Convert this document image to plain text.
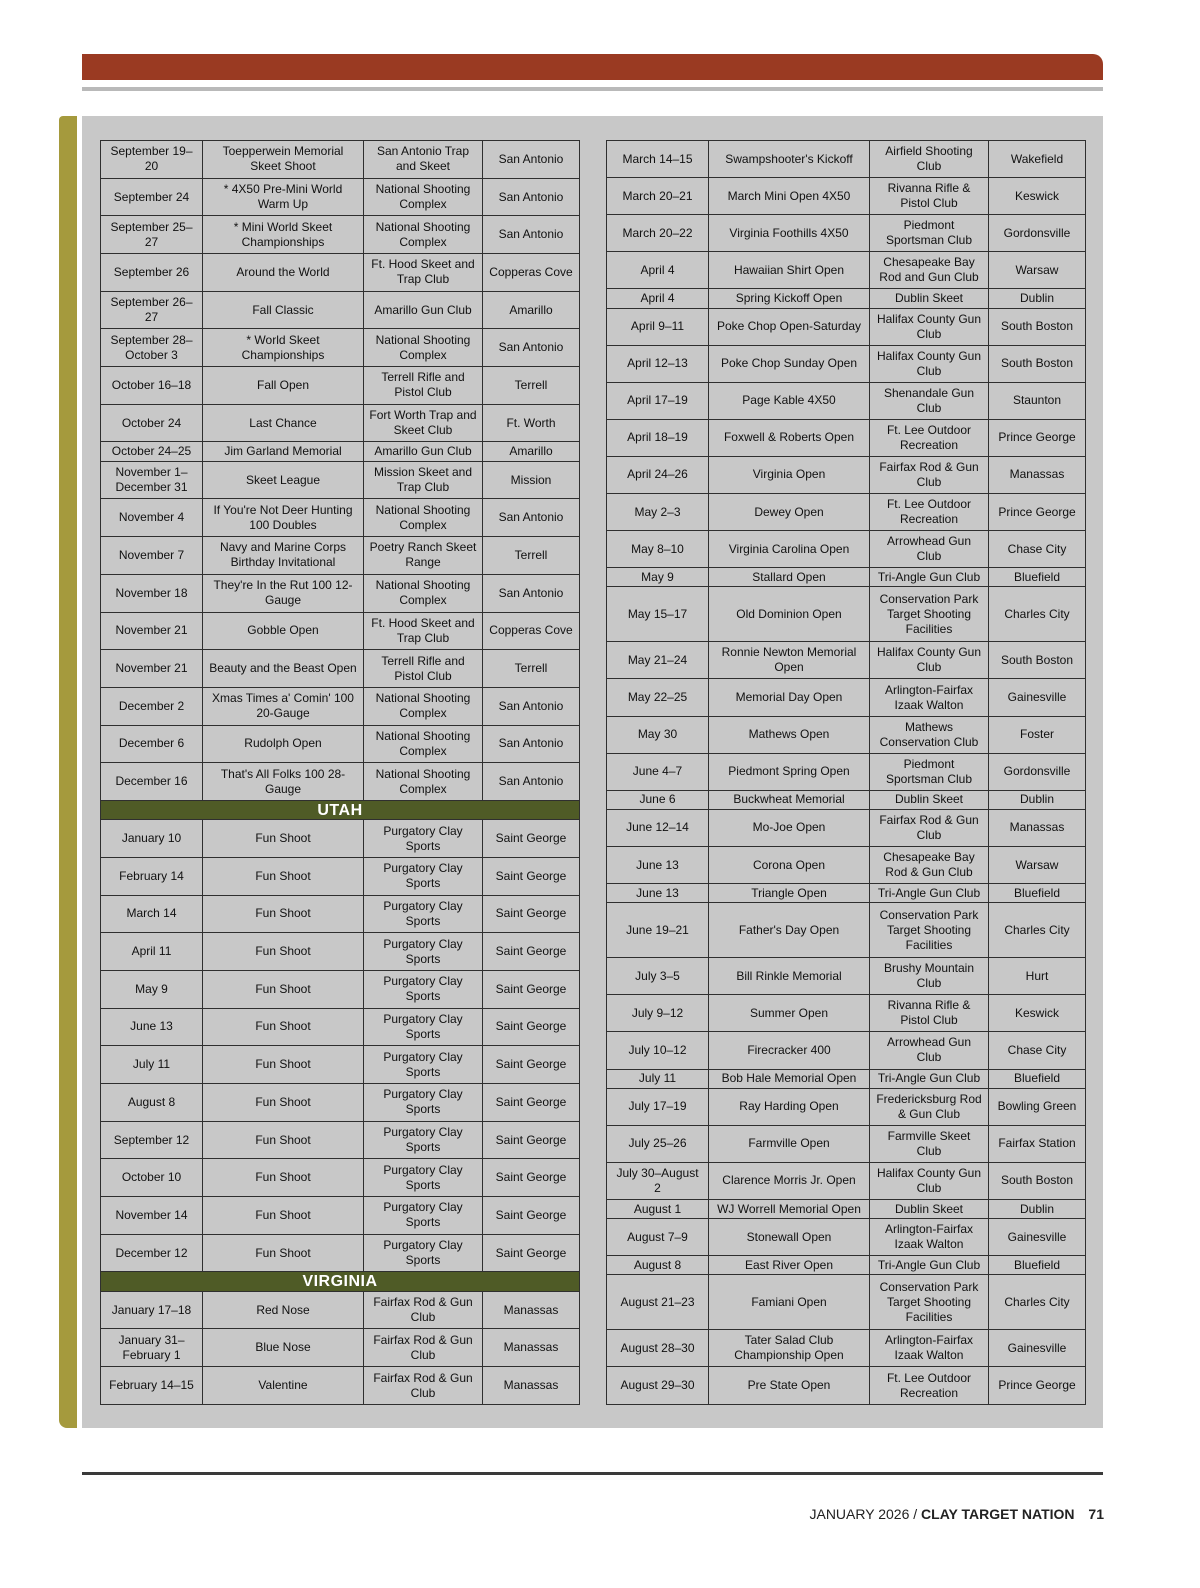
September 19–20	Toepperwein Memorial Skeet Shoot	San Antonio Trap and Skeet	San Antonio
September 24	* 4X50 Pre-Mini World Warm Up	National Shooting Complex	San Antonio
September 25–27	* Mini World Skeet Championships	National Shooting Complex	San Antonio
September 26	Around the World	Ft. Hood Skeet and Trap Club	Copperas Cove
September 26–27	Fall Classic	Amarillo Gun Club	Amarillo
September 28–October 3	* World Skeet Championships	National Shooting Complex	San Antonio
October 16–18	Fall Open	Terrell Rifle and Pistol Club	Terrell
October 24	Last Chance	Fort Worth Trap and Skeet Club	Ft. Worth
October 24–25	Jim Garland Memorial	Amarillo Gun Club	Amarillo
November 1–December 31	Skeet League	Mission Skeet and Trap Club	Mission
November 4	If You're Not Deer Hunting 100 Doubles	National Shooting Complex	San Antonio
November 7	Navy and Marine Corps Birthday Invitational	Poetry Ranch Skeet Range	Terrell
November 18	They're In the Rut 100 12-Gauge	National Shooting Complex	San Antonio
November 21	Gobble Open	Ft. Hood Skeet and Trap Club	Copperas Cove
November 21	Beauty and the Beast Open	Terrell Rifle and Pistol Club	Terrell
December 2	Xmas Times a' Comin' 100 20-Gauge	National Shooting Complex	San Antonio
December 6	Rudolph Open	National Shooting Complex	San Antonio
December 16	That's All Folks 100 28-Gauge	National Shooting Complex	San Antonio
UTAH			
January 10	Fun Shoot	Purgatory Clay Sports	Saint George
February 14	Fun Shoot	Purgatory Clay Sports	Saint George
March 14	Fun Shoot	Purgatory Clay Sports	Saint George
April 11	Fun Shoot	Purgatory Clay Sports	Saint George
May 9	Fun Shoot	Purgatory Clay Sports	Saint George
June 13	Fun Shoot	Purgatory Clay Sports	Saint George
July 11	Fun Shoot	Purgatory Clay Sports	Saint George
August 8	Fun Shoot	Purgatory Clay Sports	Saint George
September 12	Fun Shoot	Purgatory Clay Sports	Saint George
October 10	Fun Shoot	Purgatory Clay Sports	Saint George
November 14	Fun Shoot	Purgatory Clay Sports	Saint George
December 12	Fun Shoot	Purgatory Clay Sports	Saint George
VIRGINIA			
January 17–18	Red Nose	Fairfax Rod & Gun Club	Manassas
January 31–February 1	Blue Nose	Fairfax Rod & Gun Club	Manassas
February 14–15	Valentine	Fairfax Rod & Gun Club	Manassas
March 14–15	Swampshooter's Kickoff	Airfield Shooting Club	Wakefield
March 20–21	March Mini Open 4X50	Rivanna Rifle & Pistol Club	Keswick
March 20–22	Virginia Foothills 4X50	Piedmont Sportsman Club	Gordonsville
April 4	Hawaiian Shirt Open	Chesapeake Bay Rod and Gun Club	Warsaw
April 4	Spring Kickoff Open	Dublin Skeet	Dublin
April 9–11	Poke Chop Open-Saturday	Halifax County Gun Club	South Boston
April 12–13	Poke Chop Sunday Open	Halifax County Gun Club	South Boston
April 17–19	Page Kable 4X50	Shenandale Gun Club	Staunton
April 18–19	Foxwell & Roberts Open	Ft. Lee Outdoor Recreation	Prince George
April 24–26	Virginia Open	Fairfax Rod & Gun Club	Manassas
May 2–3	Dewey Open	Ft. Lee Outdoor Recreation	Prince George
May 8–10	Virginia Carolina Open	Arrowhead Gun Club	Chase City
May 9	Stallard Open	Tri-Angle Gun Club	Bluefield
May 15–17	Old Dominion Open	Conservation Park Target Shooting Facilities	Charles City
May 21–24	Ronnie Newton Memorial Open	Halifax County Gun Club	South Boston
May 22–25	Memorial Day Open	Arlington-Fairfax Izaak Walton	Gainesville
May 30	Mathews Open	Mathews Conservation Club	Foster
June 4–7	Piedmont Spring Open	Piedmont Sportsman Club	Gordonsville
June 6	Buckwheat Memorial	Dublin Skeet	Dublin
June 12–14	Mo-Joe Open	Fairfax Rod & Gun Club	Manassas
June 13	Corona Open	Chesapeake Bay Rod & Gun Club	Warsaw
June 13	Triangle Open	Tri-Angle Gun Club	Bluefield
June 19–21	Father's Day Open	Conservation Park Target Shooting Facilities	Charles City
July 3–5	Bill Rinkle Memorial	Brushy Mountain Club	Hurt
July 9–12	Summer Open	Rivanna Rifle & Pistol Club	Keswick
July 10–12	Firecracker 400	Arrowhead Gun Club	Chase City
July 11	Bob Hale Memorial Open	Tri-Angle Gun Club	Bluefield
July 17–19	Ray Harding Open	Fredericksburg Rod & Gun Club	Bowling Green
July 25–26	Farmville Open	Farmville Skeet Club	Fairfax Station
July 30–August 2	Clarence Morris Jr. Open	Halifax County Gun Club	South Boston
August 1	WJ Worrell Memorial Open	Dublin Skeet	Dublin
August 7–9	Stonewall Open	Arlington-Fairfax Izaak Walton	Gainesville
August 8	East River Open	Tri-Angle Gun Club	Bluefield
August 21–23	Famiani Open	Conservation Park Target Shooting Facilities	Charles City
August 28–30	Tater Salad Club Championship Open	Arlington-Fairfax Izaak Walton	Gainesville
August 29–30	Pre State Open	Ft. Lee Outdoor Recreation	Prince George
JANUARY 2026 / CLAY TARGET NATION 71
